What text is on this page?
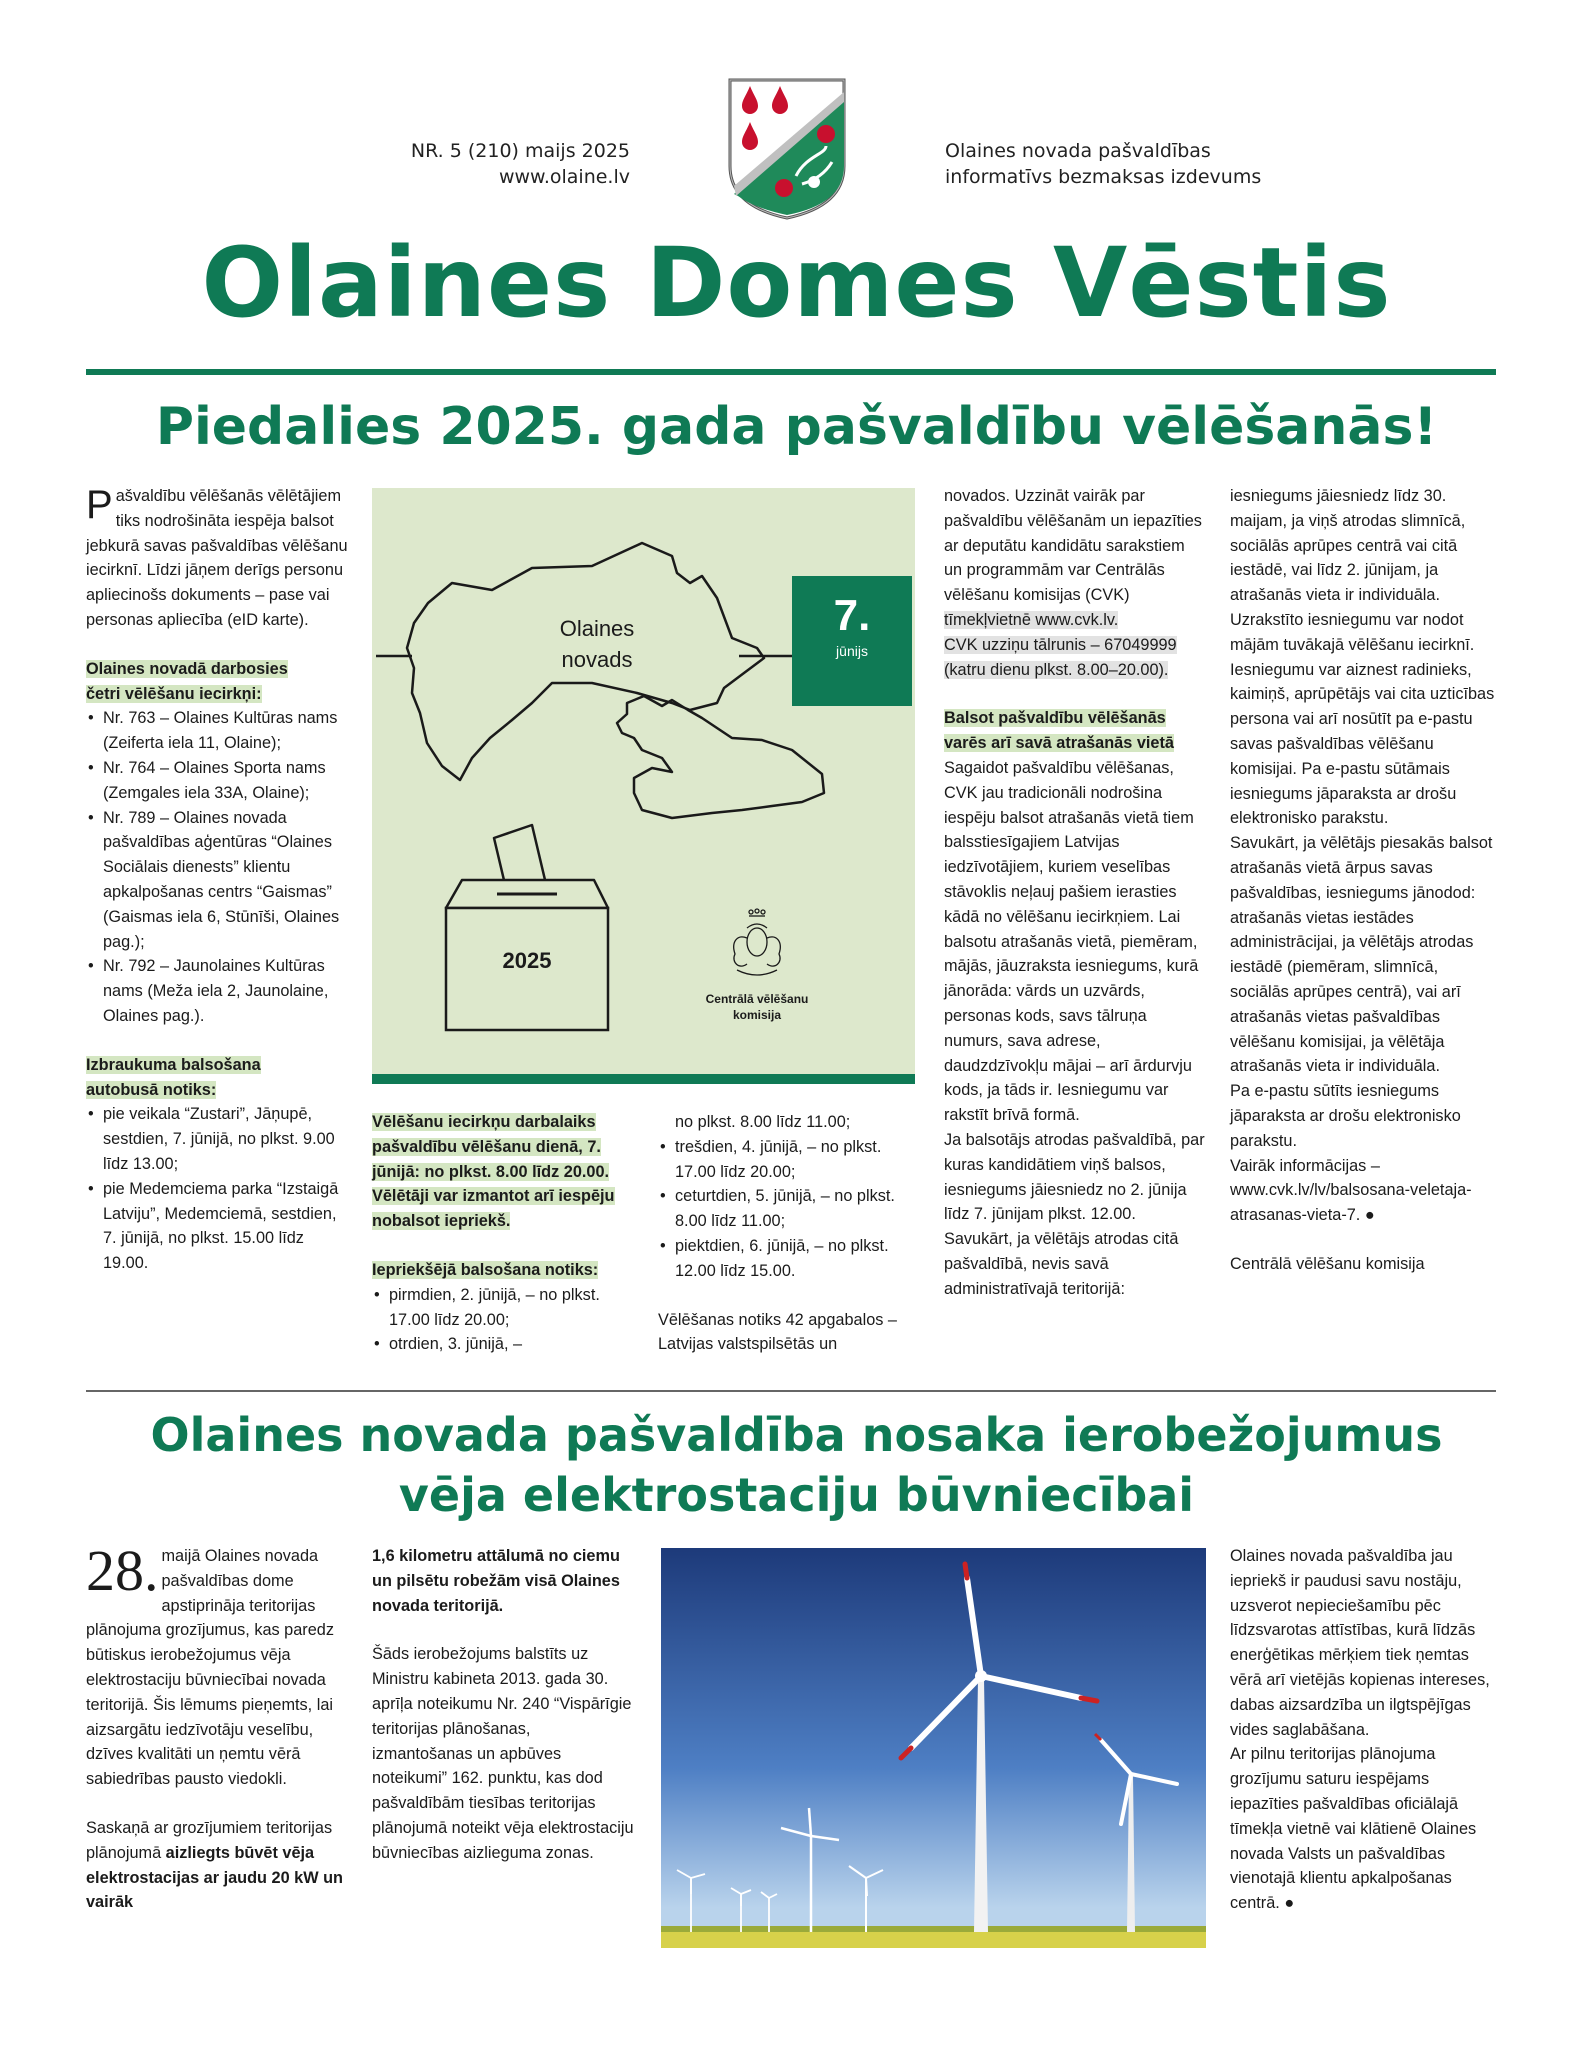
NR. 5 (210) maijs 2025
www.olaine.lv
Olaines novada pašvaldības
informatīvs bezmaksas izdevums
Olaines Domes Vēstis
Piedalies 2025. gada pašvaldību vēlēšanās!

Pašvaldību vēlēšanās vēlētājiem tiks nodrošināta iespēja balsot jebkurā savas pašvaldības vēlēšanu iecirknī. Līdzi jāņem derīgs personu apliecinošs dokuments – pase vai personas apliecība (eID karte).

Olaines novadā darbosies
četri vēlēšanu iecirkņi:

• Nr. 763 – Olaines Kultūras nams (Zeiferta iela 11, Olaine);
• Nr. 764 – Olaines Sporta nams (Zemgales iela 33A, Olaine);
• Nr. 789 – Olaines novada pašvaldības aģentūras “Olaines Sociālais dienests” klientu apkalpošanas centrs “Gaismas” (Gaismas iela 6, Stūnīši, Olaines pag.);
• Nr. 792 – Jaunolaines Kultūras nams (Meža iela 2, Jaunolaine, Olaines pag.).

Izbraukuma balsošana
autobusā notiks:

• pie veikala “Zustari”, Jāņupē, sestdien, 7. jūnijā, no plkst. 9.00 līdz 13.00;
• pie Medemciema parka “Izstaigā Latviju”, Medemciemā, sestdien, 7. jūnijā, no plkst. 15.00 līdz 19.00.
Olaines
novads
7.
jūnijs
2025
Centrālā vēlēšanu
komisija

Vēlēšanu iecirkņu darbalaiks pašvaldību vēlēšanu dienā, 7. jūnijā: no plkst. 8.00 līdz 20.00. Vēlētāji var izmantot arī iespēju nobalsot iepriekš.

Iepriekšējā balsošana notiks:

• pirmdien, 2. jūnijā, – no plkst. 17.00 līdz 20.00;
• otrdien, 3. jūnijā, –

no plkst. 8.00 līdz 11.00;

• trešdien, 4. jūnijā, – no plkst. 17.00 līdz 20.00;
• ceturtdien, 5. jūnijā, – no plkst. 8.00 līdz 11.00;
• piektdien, 6. jūnijā, – no plkst. 12.00 līdz 15.00.

Vēlēšanas notiks 42 apgabalos – Latvijas valstspilsētās un

novados. Uzzināt vairāk par pašvaldību vēlēšanām un iepazīties ar deputātu kandidātu sarakstiem un programmām var Centrālās vēlēšanu komisijas (CVK)

tīmekļvietnē www.cvk.lv.

CVK uzziņu tālrunis – 67049999 (katru dienu plkst. 8.00–20.00).

Balsot pašvaldību vēlēšanās
varēs arī savā atrašanās vietā

Sagaidot pašvaldību vēlēšanas, CVK jau tradicionāli nodrošina iespēju balsot atrašanās vietā tiem balsstiesīgajiem Latvijas iedzīvotājiem, kuriem veselības stāvoklis neļauj pašiem ierasties kādā no vēlēšanu iecirkņiem. Lai balsotu atrašanās vietā, piemēram, mājās, jāuzraksta iesniegums, kurā jānorāda: vārds un uzvārds, personas kods, savs tālruņa numurs, sava adrese, daudzdzīvokļu mājai – arī ārdurvju kods, ja tāds ir. Iesniegumu var rakstīt brīvā formā.

Ja balsotājs atrodas pašvaldībā, par kuras kandidātiem viņš balsos, iesniegums jāiesniedz no 2. jūnija līdz 7. jūnijam plkst. 12.00. Savukārt, ja vēlētājs atrodas citā pašvaldībā, nevis savā administratīvajā teritorijā:

iesniegums jāiesniedz līdz 30. maijam, ja viņš atrodas slimnīcā, sociālās aprūpes centrā vai citā iestādē, vai līdz 2. jūnijam, ja atrašanās vieta ir individuāla.

Uzrakstīto iesniegumu var nodot mājām tuvākajā vēlēšanu iecirknī. Iesniegumu var aiznest radinieks, kaimiņš, aprūpētājs vai cita uzticības persona vai arī nosūtīt pa e-pastu savas pašvaldības vēlēšanu komisijai. Pa e-pastu sūtāmais iesniegums jāparaksta ar drošu elektronisko parakstu.

Savukārt, ja vēlētājs piesakās balsot atrašanās vietā ārpus savas pašvaldības, iesniegums jānodod: atrašanās vietas iestādes administrācijai, ja vēlētājs atrodas iestādē (piemēram, slimnīcā, sociālās aprūpes centrā), vai arī atrašanās vietas pašvaldības vēlēšanu komisijai, ja vēlētāja atrašanās vieta ir individuāla.

Pa e-pastu sūtīts iesniegums jāparaksta ar drošu elektronisko parakstu.

Vairāk informācijas – www.cvk.lv/lv/balsosana-veletaja-atrasanas-vieta-7. ●

Centrālā vēlēšanu komisija

Olaines novada pašvaldība nosaka ierobežojumus
vēja elektrostaciju būvniecībai

28. maijā Olaines novada pašvaldības dome apstiprināja teritorijas plānojuma grozījumus, kas paredz būtiskus ierobežojumus vēja elektrostaciju būvniecībai novada teritorijā. Šis lēmums pieņemts, lai aizsargātu iedzīvotāju veselību, dzīves kvalitāti un ņemtu vērā sabiedrības pausto viedokli.

Saskaņā ar grozījumiem teritorijas plānojumā aizliegts būvēt vēja elektrostacijas ar jaudu 20 kW un vairāk

1,6 kilometru attālumā no ciemu un pilsētu robežām visā Olaines novada teritorijā.

Šāds ierobežojums balstīts uz Ministru kabineta 2013. gada 30. aprīļa noteikumu Nr. 240 “Vispārīgie teritorijas plānošanas, izmantošanas un apbūves noteikumi” 162. punktu, kas dod pašvaldībām tiesības teritorijas plānojumā noteikt vēja elektrostaciju būvniecības aizlieguma zonas.

Olaines novada pašvaldība jau iepriekš ir paudusi savu nostāju, uzsverot nepieciešamību pēc līdzsvarotas attīstības, kurā līdzās enerģētikas mērķiem tiek ņemtas vērā arī vietējās kopienas intereses, dabas aizsardzība un ilgtspējīgas vides saglabāšana.

Ar pilnu teritorijas plānojuma grozījumu saturu iespējams iepazīties pašvaldības oficiālajā tīmekļa vietnē vai klātienē Olaines novada Valsts un pašvaldības vienotajā klientu apkalpošanas centrā. ●
